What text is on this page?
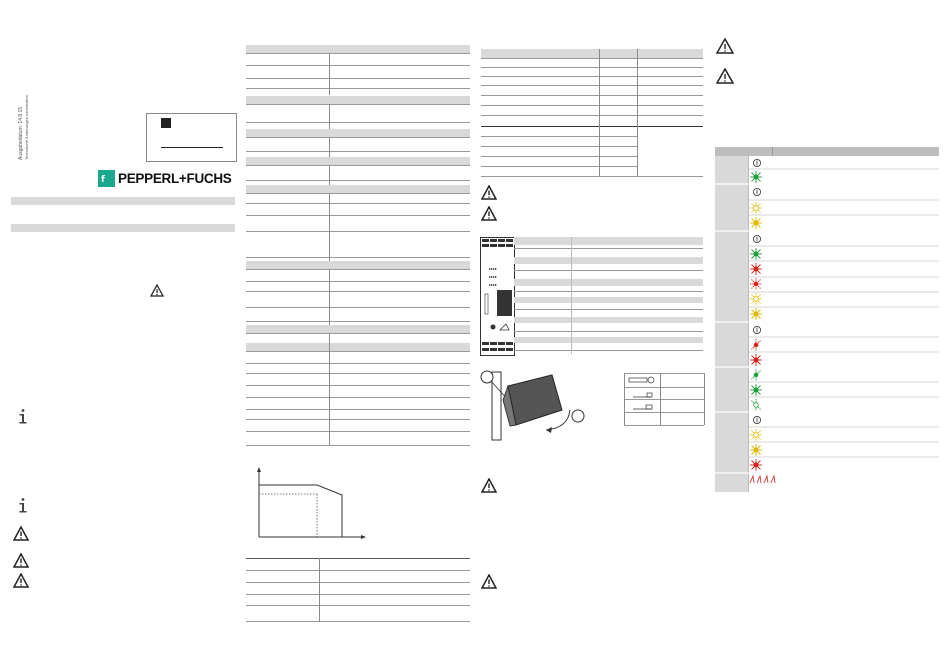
Ausgabedatum: 14.8.15 Technische Änderungen vorbehalten
f PEPPERL+FUCHS
▸▸▸▸
▸▸▸▸
▸▸▸▸
